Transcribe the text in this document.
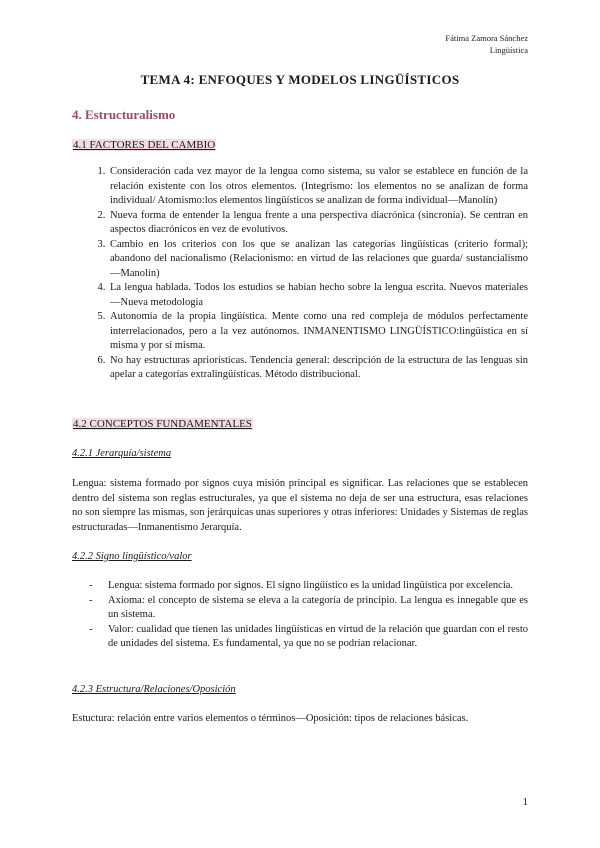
Fátima Zamora Sánchez
Lingüística
TEMA 4: ENFOQUES Y MODELOS LINGÜÍSTICOS
4. Estructuralismo
4.1 FACTORES DEL CAMBIO
1. Consideración cada vez mayor de la lengua como sistema, su valor se establece en función de la relación existente con los otros elementos. (Integrismo: los elementos no se analizan de forma individual/ Atomismo:los elementos lingüísticos se analizan de forma individual—Manolín)
2. Nueva forma de entender la lengua frente a una perspectiva diacrónica (sincronía). Se centran en aspectos diacrónicos en vez de evolutivos.
3. Cambio en los criterios con los que se analizan las categorías lingüísticas (criterio formal); abandono del nacionalismo (Relacionismo: en virtud de las relaciones que guarda/ sustancialismo—Manolín)
4. La lengua hablada. Todos los estudios se habían hecho sobre la lengua escrita. Nuevos materiales—Nueva metodología
5. Autonomía de la propia lingüística. Mente como una red compleja de módulos perfectamente interrelacionados, pero a la vez autónomos. INMANENTISMO LINGÜÍSTICO:lingüística en sí misma y por sí misma.
6. No hay estructuras apriorísticas. Tendencia general: descripción de la estructura de las lenguas sin apelar a categorías extralingüísticas. Método distribucional.
4.2 CONCEPTOS FUNDAMENTALES
4.2.1 Jerarquía/sistema
Lengua: sistema formado por signos cuya misión principal es significar. Las relaciones que se establecen dentro del sistema son reglas estructurales, ya que el sistema no deja de ser una estructura, esas relaciones no son siempre las mismas, son jerárquicas unas superiores y otras inferiores: Unidades y Sistemas de reglas estructuradas—Inmanentismo Jerarquía.
4.2.2 Signo lingüístico/valor
- Lengua: sistema formado por signos. El signo lingüístico es la unidad lingüística por excelencia.
- Axioma: el concepto de sistema se eleva a la categoría de principio. La lengua es innegable que es un sistema.
- Valor: cualidad que tienen las unidades lingüísticas en virtud de la relación que guardan con el resto de unidades del sistema. Es fundamental, ya que no se podrían relacionar.
4.2.3 Estructura/Relaciones/Oposición
Estuctura: relación entre varios elementos o términos—Oposición: tipos de relaciones básicas.
1
